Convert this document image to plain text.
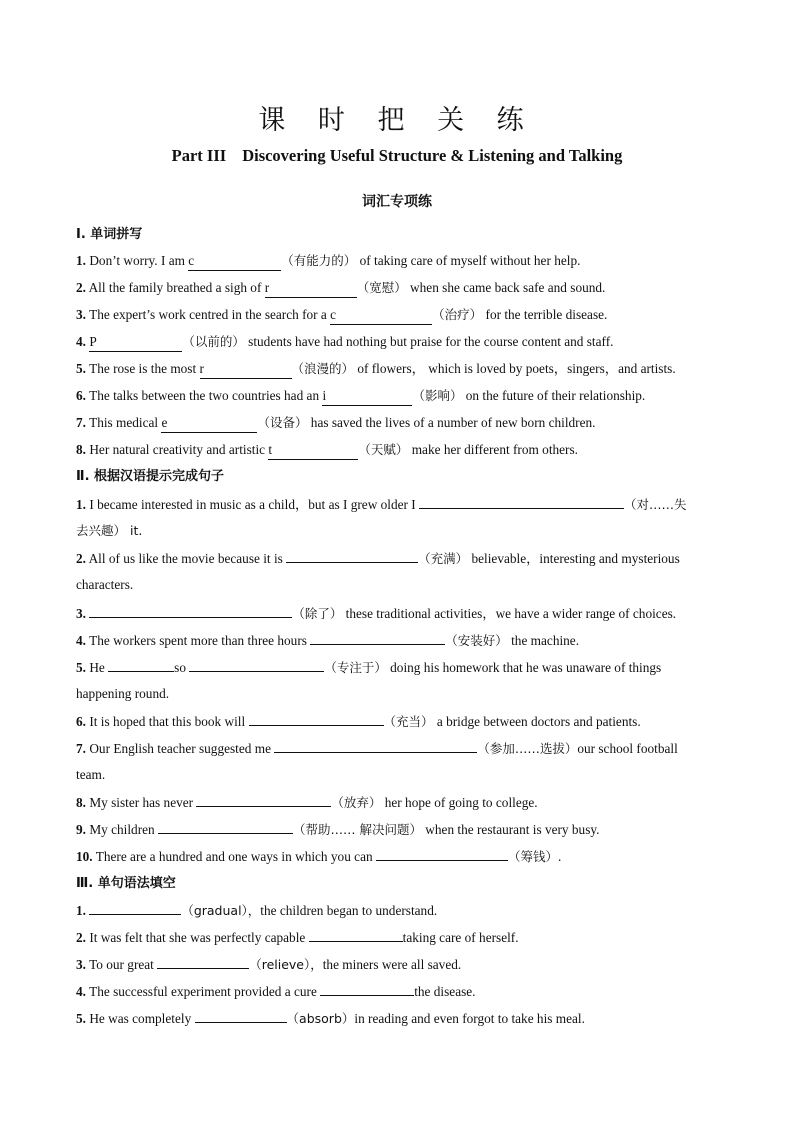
课 时 把 关 练
Part III Discovering Useful Structure & Listening and Talking
词汇专项练
Ⅰ. 单词拼写
1. Don’t worry. I am c	（有能力的） of taking care of myself without her help.
2. All the family breathed a sigh of r	（宽慰） when she came back safe and sound.
3. The expert’s work centred in the search for a c	（治疗） for the terrible disease.
4. P	（以前的） students have had nothing but praise for the course content and staff.
5. The rose is the most r	（浪漫的） of flowers， which is loved by poets，singers，and artists.
6. The talks between the two countries had an i	（影响） on the future of their relationship.
7. This medical e	（设备） has saved the lives of a number of new born children.
8. Her natural creativity and artistic t	（天赋） make her different from others.
Ⅱ. 根据汉语提示完成句子
1. I became interested in music as a child，but as I grew older I	（对……失
去兴趣） it.
2. All of us like the movie because it is	（充满） believable，interesting and mysterious
characters.
3.	（除了） these traditional activities，we have a wider range of choices.
4. The workers spent more than three hours	（安装好） the machine.
5. He	so	（专注于） doing his homework that he was unaware of things
happening round.
6. It is hoped that this book will	（充当） a bridge between doctors and patients.
7. Our English teacher suggested me	（参加……选拔）our school football
team.
8. My sister has never	（放弃） her hope of going to college.
9. My children	（帮助…… 解决问题） when the restaurant is very busy.
10. There are a hundred and one ways in which you can	（筹钱）.
Ⅲ. 单句语法填空
1.	（gradual），the children began to understand.
2. It was felt that she was perfectly capable	taking care of herself.
3. To our great	（relieve），the miners were all saved.
4. The successful experiment provided a cure	the disease.
5. He was completely	（absorb）in reading and even forgot to take his meal.
